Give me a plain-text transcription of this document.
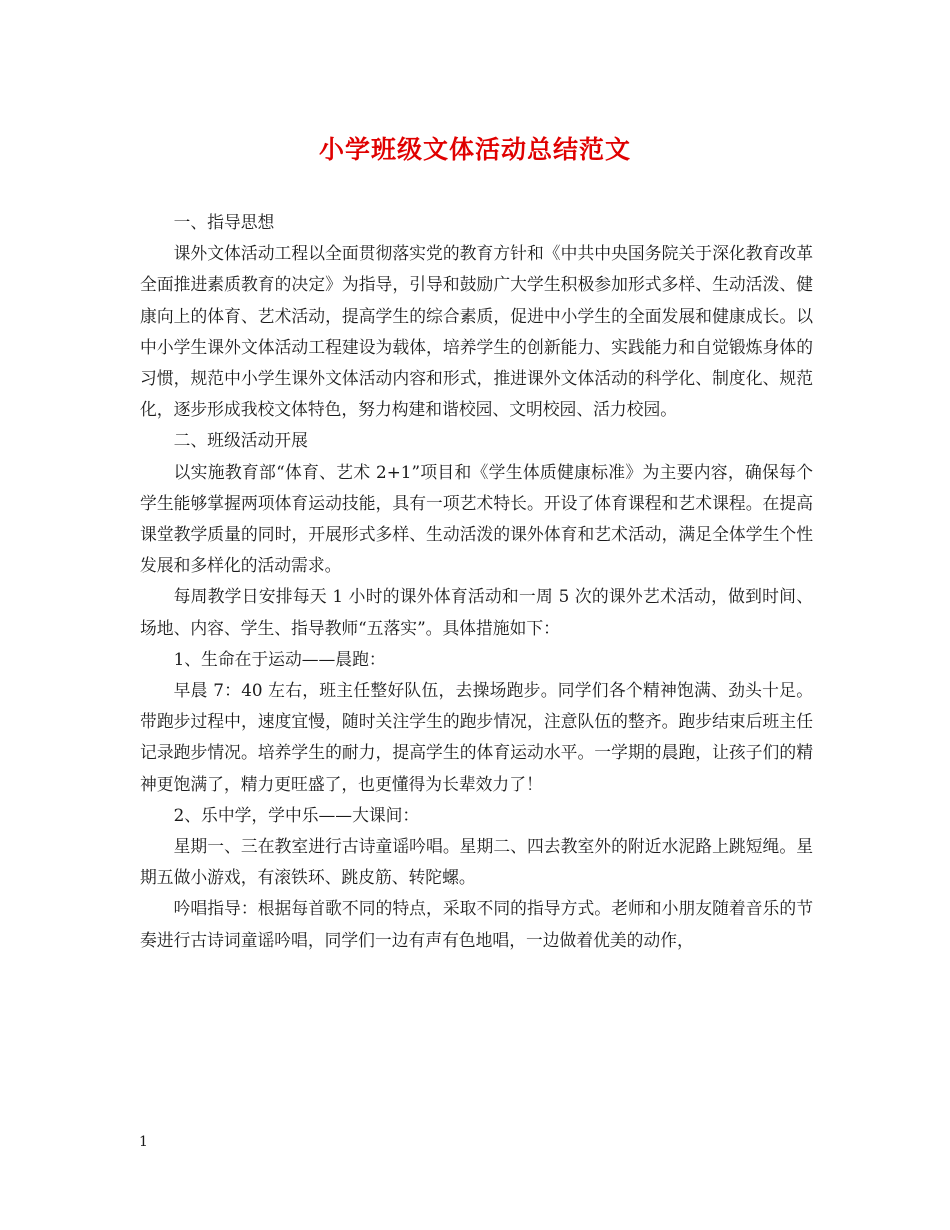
小学班级文体活动总结范文

一、指导思想

课外文体活动工程以全面贯彻落实党的教育方针和《中共中央国务院关于深化教育改革全面推进素质教育的决定》为指导，引导和鼓励广大学生积极参加形式多样、生动活泼、健康向上的体育、艺术活动，提高学生的综合素质，促进中小学生的全面发展和健康成长。以中小学生课外文体活动工程建设为载体，培养学生的创新能力、实践能力和自觉锻炼身体的习惯，规范中小学生课外文体活动内容和形式，推进课外文体活动的科学化、制度化、规范化，逐步形成我校文体特色，努力构建和谐校园、文明校园、活力校园。

二、班级活动开展

以实施教育部“体育、艺术 2+1”项目和《学生体质健康标准》为主要内容，确保每个学生能够掌握两项体育运动技能，具有一项艺术特长。开设了体育课程和艺术课程。在提高课堂教学质量的同时，开展形式多样、生动活泼的课外体育和艺术活动，满足全体学生个性发展和多样化的活动需求。

每周教学日安排每天 1 小时的课外体育活动和一周 5 次的课外艺术活动，做到时间、场地、内容、学生、指导教师“五落实”。具体措施如下：

1、生命在于运动——晨跑：

早晨 7：40 左右，班主任整好队伍，去操场跑步。同学们各个精神饱满、劲头十足。带跑步过程中，速度宜慢，随时关注学生的跑步情况，注意队伍的整齐。跑步结束后班主任记录跑步情况。培养学生的耐力，提高学生的体育运动水平。一学期的晨跑，让孩子们的精神更饱满了，精力更旺盛了，也更懂得为长辈效力了！

2、乐中学，学中乐——大课间：

星期一、三在教室进行古诗童谣吟唱。星期二、四去教室外的附近水泥路上跳短绳。星期五做小游戏，有滚铁环、跳皮筋、转陀螺。

吟唱指导：根据每首歌不同的特点，采取不同的指导方式。老师和小朋友随着音乐的节奏进行古诗词童谣吟唱，同学们一边有声有色地唱，一边做着优美的动作，

1
